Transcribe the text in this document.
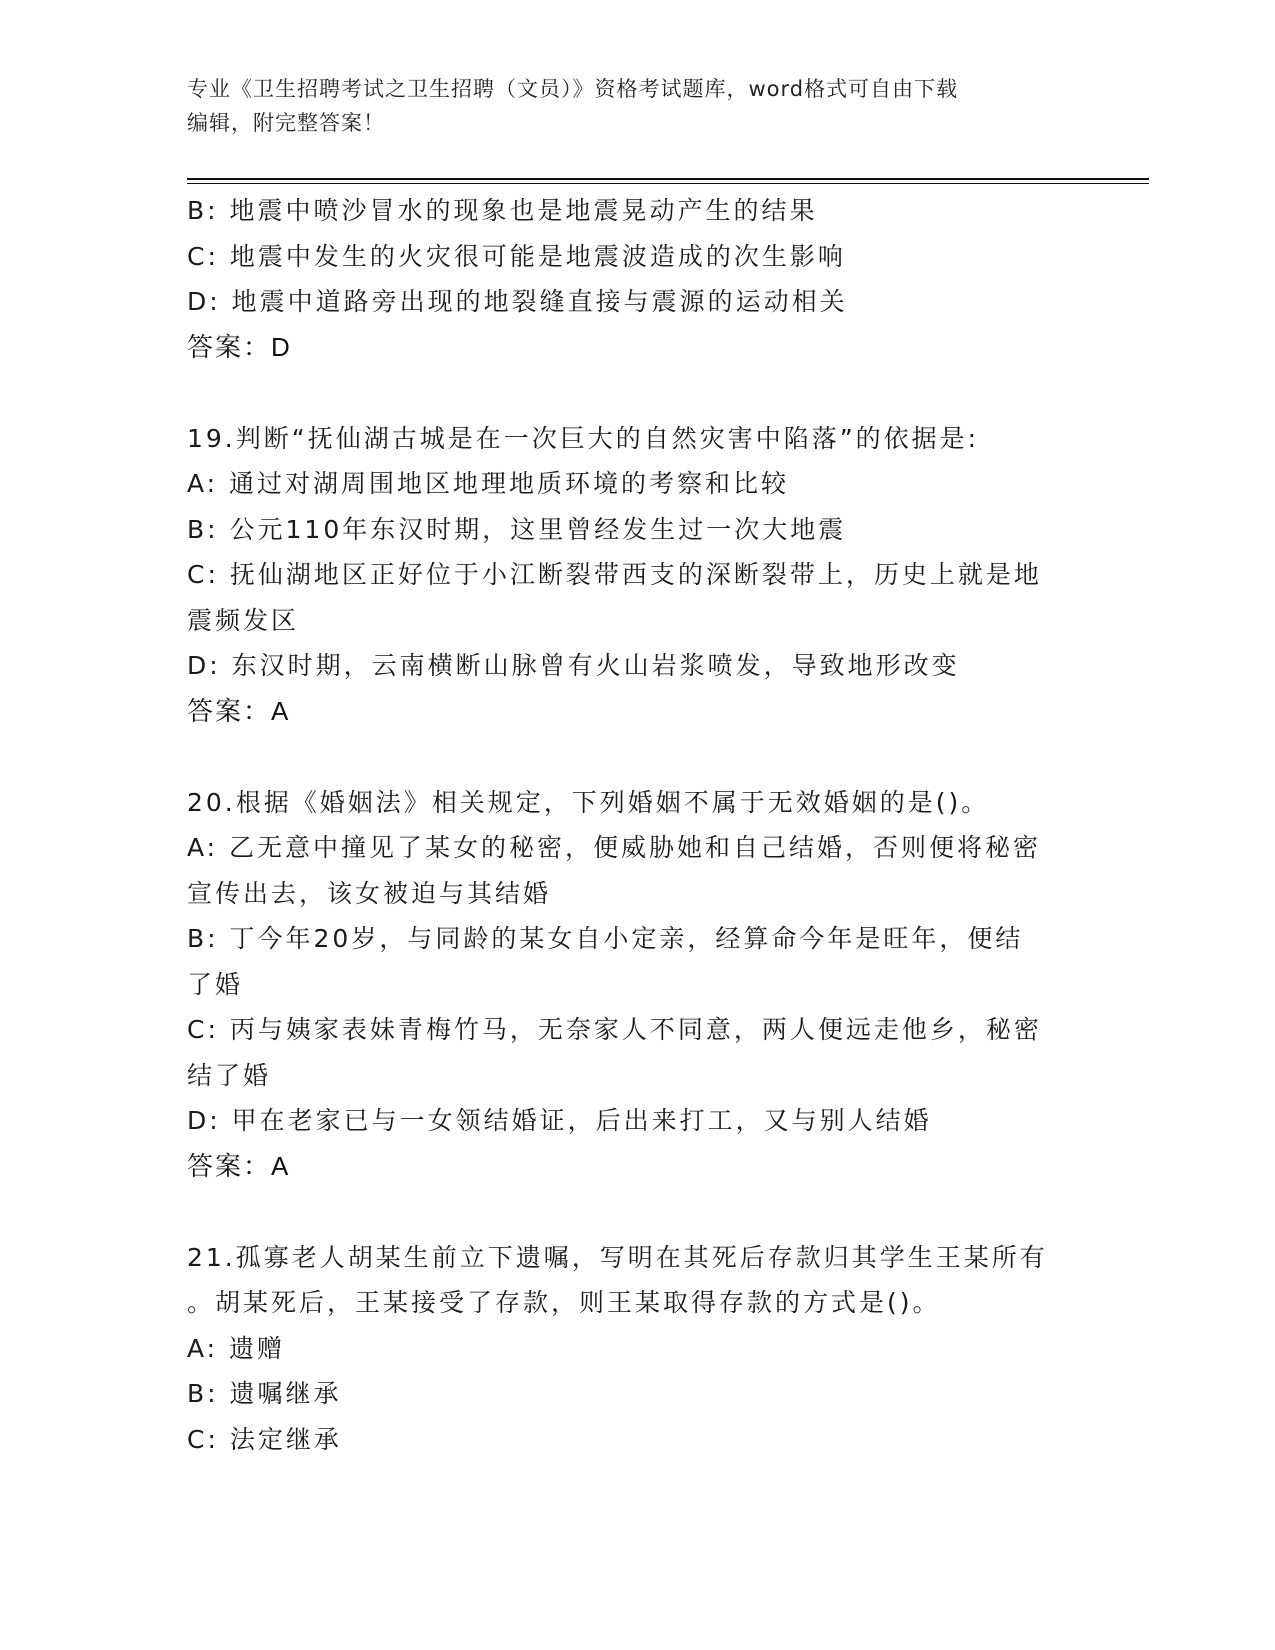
专业《卫生招聘考试之卫生招聘（文员）》资格考试题库，word格式可自由下载
编辑，附完整答案！
B: 地震中喷沙冒水的现象也是地震晃动产生的结果
C: 地震中发生的火灾很可能是地震波造成的次生影响
D: 地震中道路旁出现的地裂缝直接与震源的运动相关
答案：D
19.判断“抚仙湖古城是在一次巨大的自然灾害中陷落”的依据是:
A: 通过对湖周围地区地理地质环境的考察和比较
B: 公元110年东汉时期，这里曾经发生过一次大地震
C: 抚仙湖地区正好位于小江断裂带西支的深断裂带上，历史上就是地
震频发区
D: 东汉时期，云南横断山脉曾有火山岩浆喷发，导致地形改变
答案：A
20.根据《婚姻法》相关规定，下列婚姻不属于无效婚姻的是()。
A: 乙无意中撞见了某女的秘密，便威胁她和自己结婚，否则便将秘密
宣传出去，该女被迫与其结婚
B: 丁今年20岁，与同龄的某女自小定亲，经算命今年是旺年，便结
了婚
C: 丙与姨家表妹青梅竹马，无奈家人不同意，两人便远走他乡，秘密
结了婚
D: 甲在老家已与一女领结婚证，后出来打工，又与别人结婚
答案：A
21.孤寡老人胡某生前立下遗嘱，写明在其死后存款归其学生王某所有
。胡某死后，王某接受了存款，则王某取得存款的方式是()。
A: 遗赠
B: 遗嘱继承
C: 法定继承
